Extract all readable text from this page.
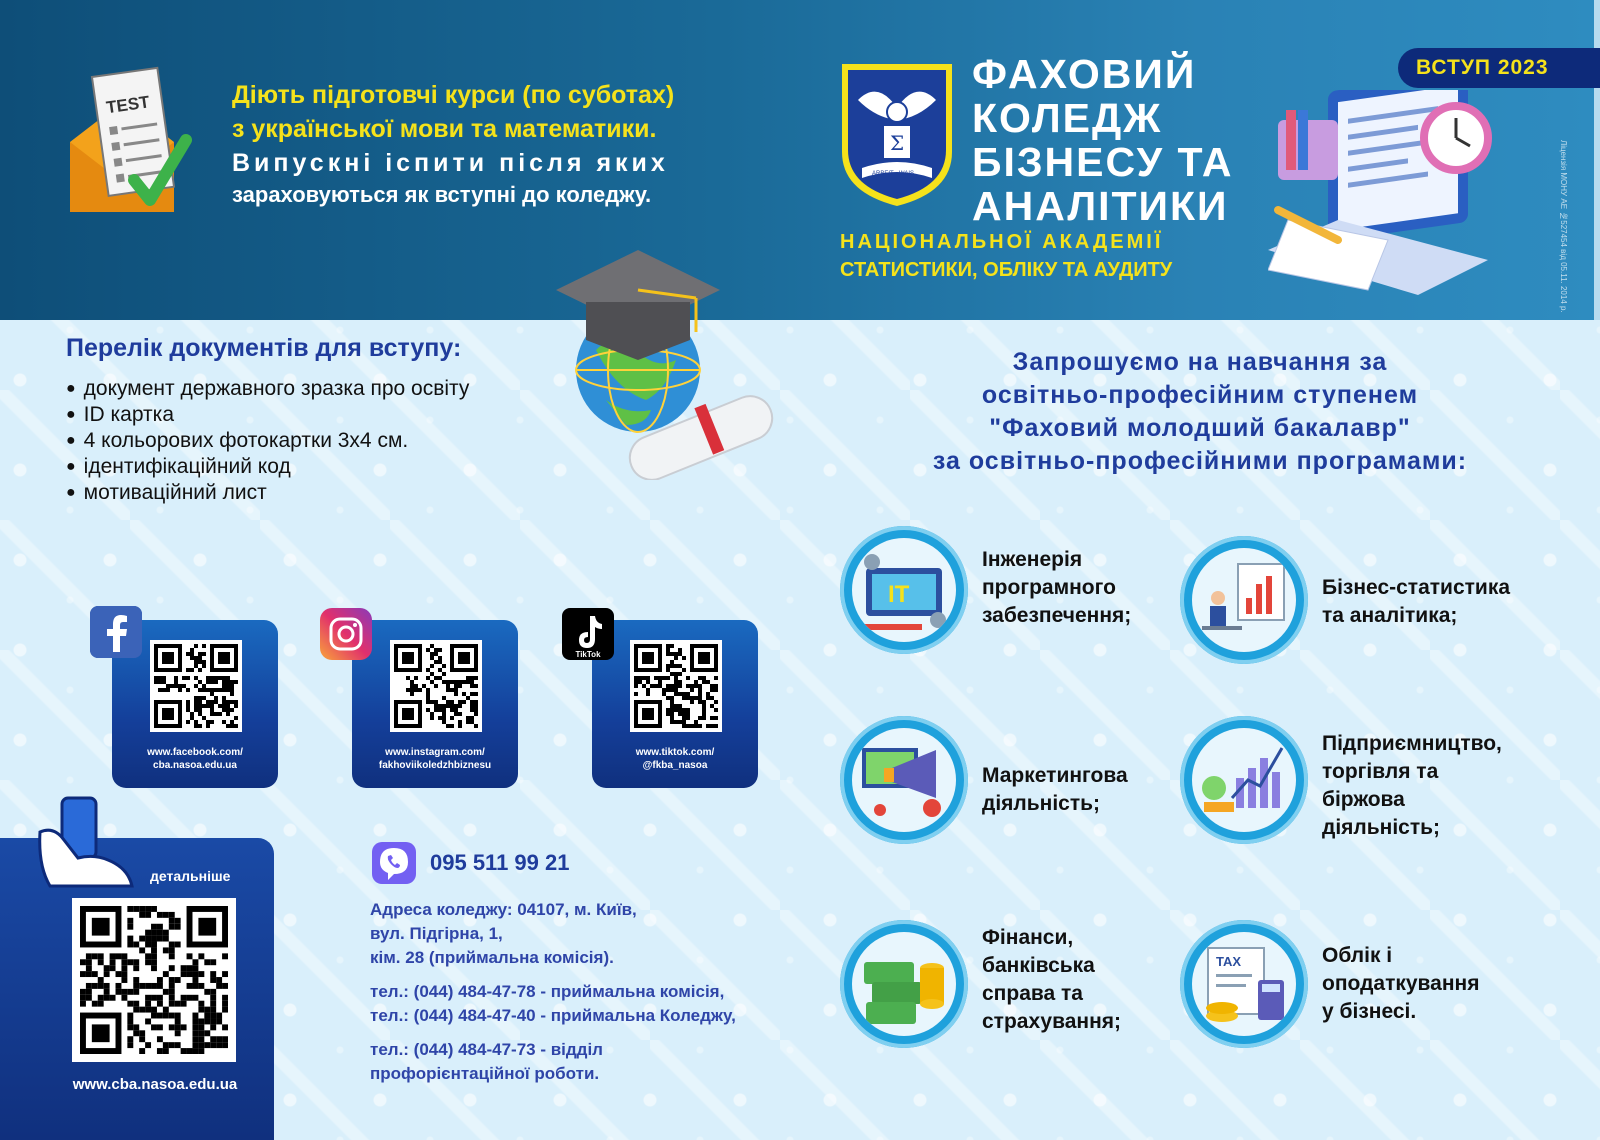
TEST	Діють підготовчі курси (по суботах)
з української мови та математики.
Випускні іспити після яких
зараховуються як вступні до коледжу.
Σ
ARBEIT · WAIS
ФАХОВИЙ
КОЛЕДЖ
БІЗНЕСУ ТА
АНАЛІТИКИ
НАЦІОНАЛЬНОЇ АКАДЕМІЇ
СТАТИСТИКИ, ОБЛІКУ ТА АУДИТУ
ВСТУП 2023
Ліцензія МОНУ АЕ №527454 від 05.11. 2014 р.
Перелік документів для вступу:
● документ державного зразка про освіту
● ID картка
● 4 кольорових фотокартки 3х4 см.
● ідентифікаційний код
● мотиваційний лист
Запрошуємо на навчання за
освітньо-професійним ступенем
"Фаховий молодший бакалавр"
за освітньо-професійними програмами:
www.facebook.com/
cba.nasoa.edu.ua
www.instagram.com/
fakhoviikoledzhbiznesu
www.tiktok.com/
@fkba_nasoa
TikTok
IT
Інженерія
програмного
забезпечення;
Бізнес-статистика
та аналітика;
Маркетингова
діяльність;
Підприємництво,
торгівля та
біржова
діяльність;
Фінанси,
банківська
справа та
страхування;
TAX	Облік і
оподаткування
у бізнесі.
детальніше
www.cba.nasoa.edu.ua
095 511 99 21

Адреса коледжу: 04107, м. Київ,
вул. Підгірна, 1,
кім. 28 (приймальна комісія).

тел.: (044) 484-47-78 - приймальна комісія,
тел.: (044) 484-47-40 - приймальна Коледжу,

тел.: (044) 484-47-73 - відділ
профорієнтаційної роботи.
